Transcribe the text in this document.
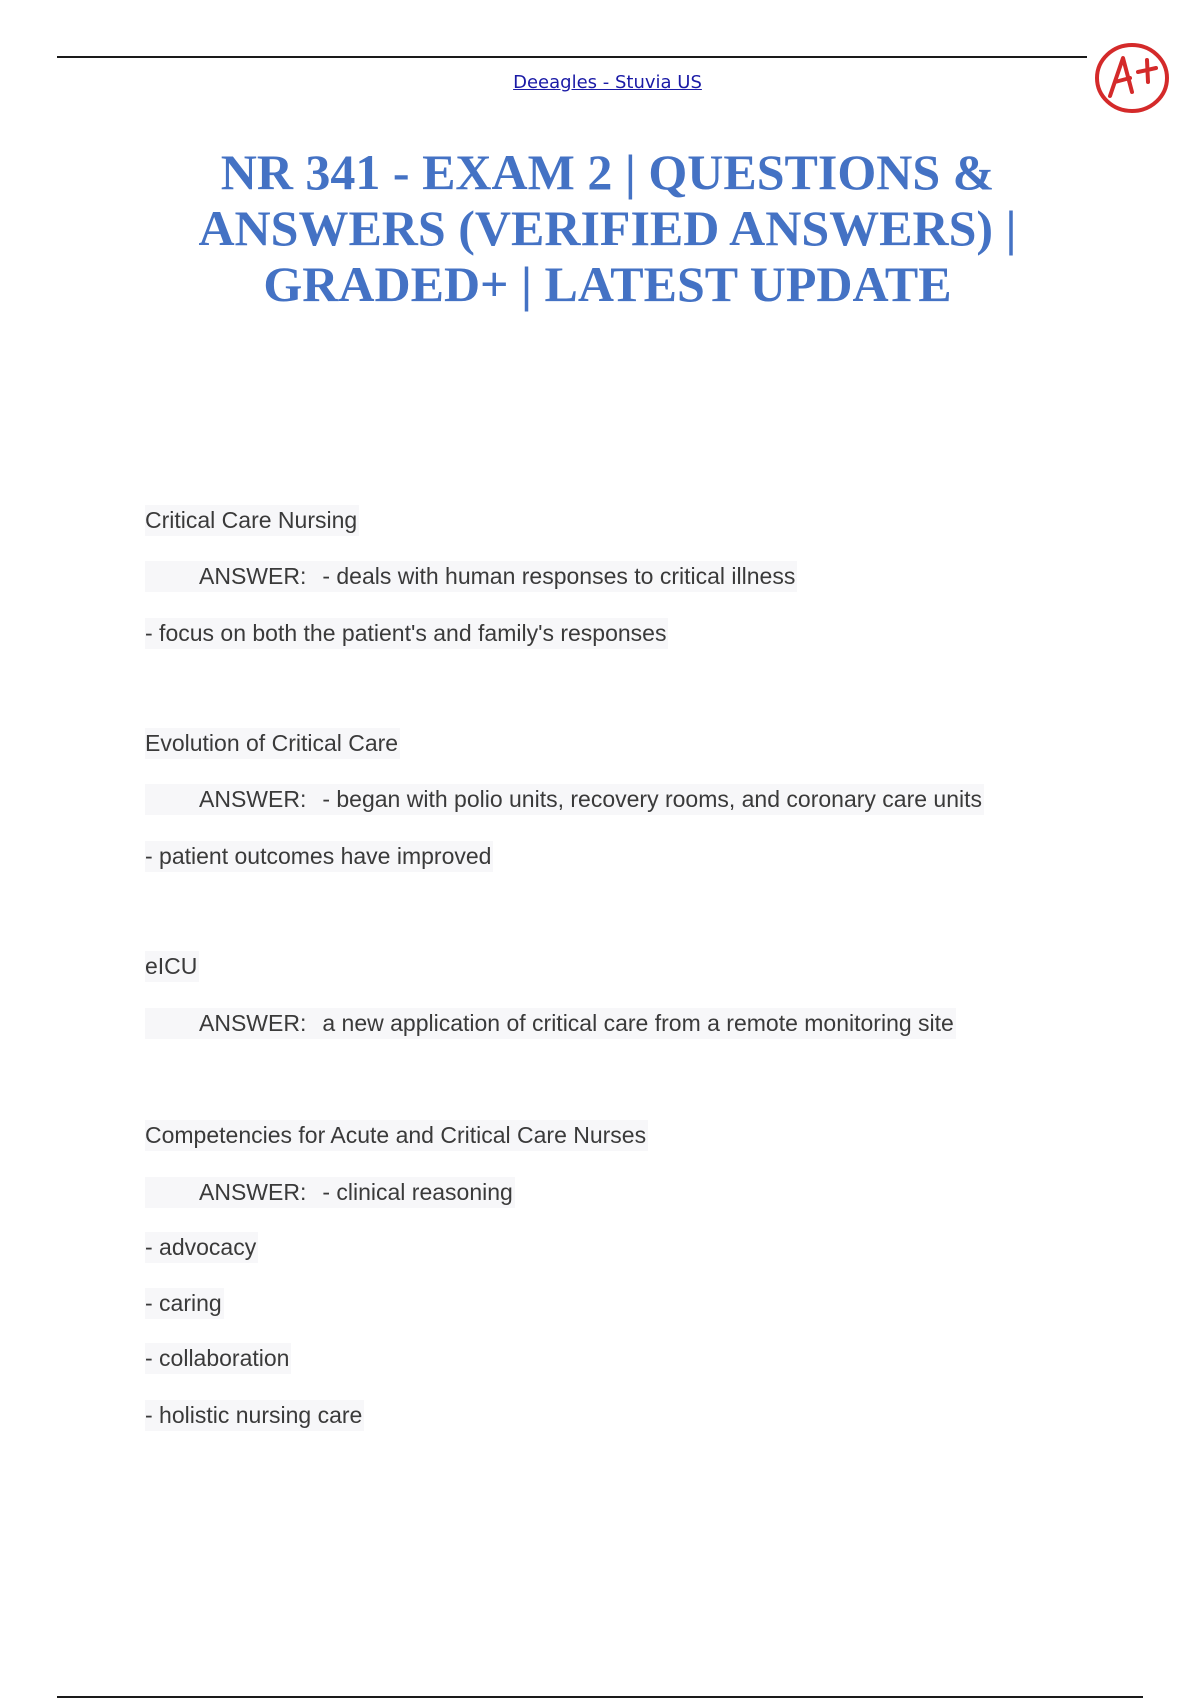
Deeagles - Stuvia US
NR 341 - EXAM 2 | QUESTIONS & ANSWERS (VERIFIED ANSWERS) | GRADED+ | LATEST UPDATE
Critical Care Nursing
ANSWER: - deals with human responses to critical illness
- focus on both the patient's and family's responses
Evolution of Critical Care
ANSWER: - began with polio units, recovery rooms, and coronary care units
- patient outcomes have improved
eICU
ANSWER: a new application of critical care from a remote monitoring site
Competencies for Acute and Critical Care Nurses
ANSWER: - clinical reasoning
- advocacy
- caring
- collaboration
- holistic nursing care
